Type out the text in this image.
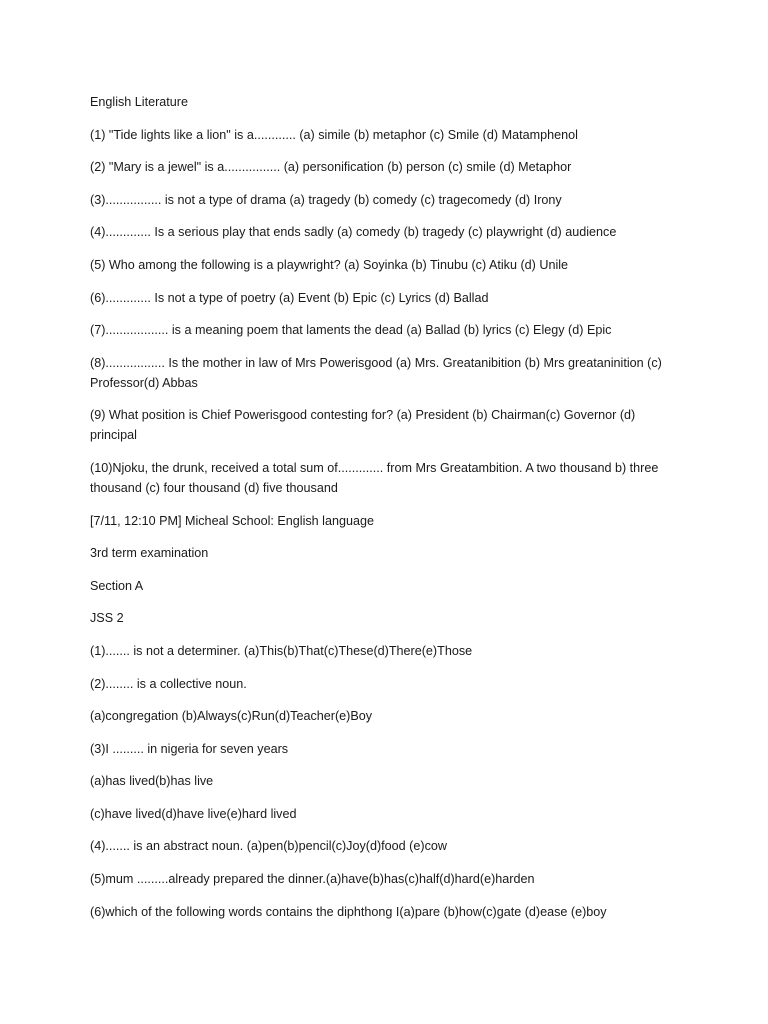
English Literature

(1) "Tide lights like a lion" is a............ (a) simile (b) metaphor (c) Smile (d) Matamphenol

(2) "Mary is a jewel" is a................ (a) personification (b) person (c) smile (d) Metaphor

(3)................ is not a type of drama (a) tragedy (b) comedy (c) tragecomedy (d) Irony

(4)............. Is a serious play that ends sadly (a) comedy (b) tragedy (c) playwright (d) audience

(5) Who among the following is a playwright? (a) Soyinka (b) Tinubu (c) Atiku (d) Unile

(6)............. Is not a type of poetry (a) Event (b) Epic (c) Lyrics (d) Ballad

(7).................. is a meaning poem that laments the dead (a) Ballad (b) lyrics (c) Elegy (d) Epic

(8)................. Is the mother in law of Mrs Powerisgood (a) Mrs. Greatanibition (b) Mrs greataninition (c) Professor(d) Abbas

(9) What position is Chief Powerisgood contesting for? (a) President (b) Chairman(c) Governor (d) principal

(10)Njoku, the drunk, received a total sum of............. from Mrs Greatambition. A two thousand b) three thousand (c) four thousand (d) five thousand

[7/11, 12:10 PM] Micheal School: English language

3rd term examination

Section A

JSS 2

(1)....... is not a determiner. (a)This(b)That(c)These(d)There(e)Those

(2)........ is a collective noun.

(a)congregation (b)Always(c)Run(d)Teacher(e)Boy

(3)I ......... in nigeria for seven years

(a)has lived(b)has live

(c)have lived(d)have live(e)hard lived

(4)....... is an abstract noun. (a)pen(b)pencil(c)Joy(d)food (e)cow

(5)mum .........already prepared the dinner.(a)have(b)has(c)half(d)hard(e)harden

(6)which of the following words contains the diphthong I(a)pare (b)how(c)gate (d)ease (e)boy
